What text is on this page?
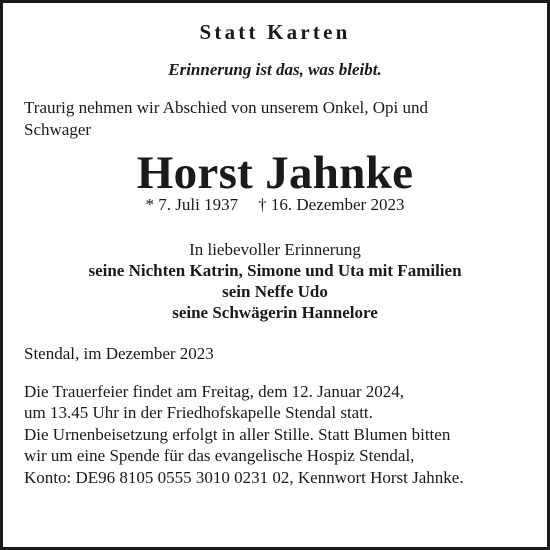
Statt Karten
Erinnerung ist das, was bleibt.
Traurig nehmen wir Abschied von unserem Onkel, Opi und
Schwager
Horst Jahnke
* 7. Juli 1937 † 16. Dezember 2023
In liebevoller Erinnerung
seine Nichten Katrin, Simone und Uta mit Familien
sein Neffe Udo
seine Schwägerin Hannelore
Stendal, im Dezember 2023
Die Trauerfeier findet am Freitag, dem 12. Januar 2024,
um 13.45 Uhr in der Friedhofskapelle Stendal statt.
Die Urnenbeisetzung erfolgt in aller Stille. Statt Blumen bitten
wir um eine Spende für das evangelische Hospiz Stendal,
Konto: DE96 8105 0555 3010 0231 02, Kennwort Horst Jahnke.
